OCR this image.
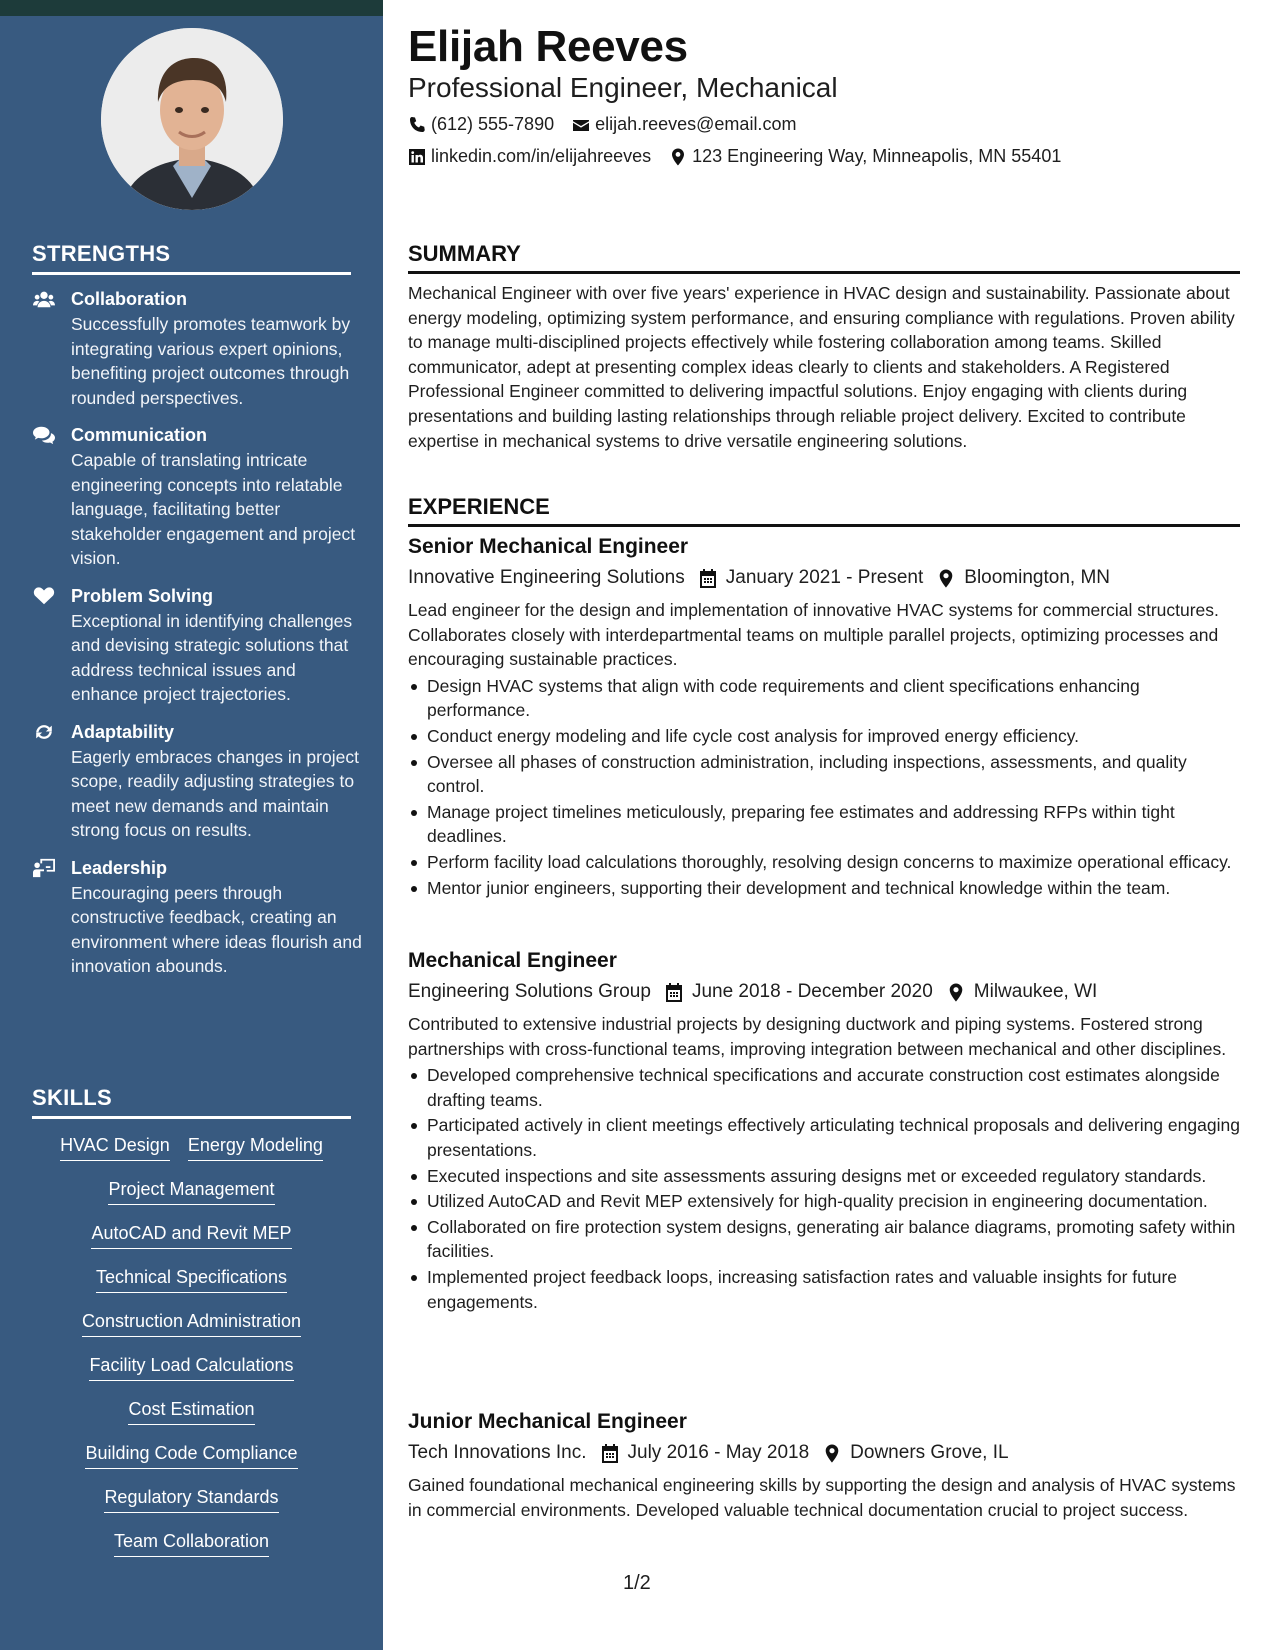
STRENGTHS
Collaboration
Successfully promotes teamwork by integrating various expert opinions, benefiting project outcomes through rounded perspectives.
Communication
Capable of translating intricate engineering concepts into relatable language, facilitating better stakeholder engagement and project vision.
Problem Solving
Exceptional in identifying challenges and devising strategic solutions that address technical issues and enhance project trajectories.
Adaptability
Eagerly embraces changes in project scope, readily adjusting strategies to meet new demands and maintain strong focus on results.
Leadership
Encouraging peers through constructive feedback, creating an environment where ideas flourish and innovation abounds.
SKILLS
HVAC Design Energy Modeling
Project Management
AutoCAD and Revit MEP
Technical Specifications
Construction Administration
Facility Load Calculations
Cost Estimation
Building Code Compliance
Regulatory Standards
Team Collaboration
Elijah Reeves
Professional Engineer, Mechanical
(612) 555-7890 elijah.reeves@email.com
linkedin.com/in/elijahreeves 123 Engineering Way, Minneapolis, MN 55401
SUMMARY
Mechanical Engineer with over five years' experience in HVAC design and sustainability. Passionate about energy modeling, optimizing system performance, and ensuring compliance with regulations. Proven ability to manage multi-disciplined projects effectively while fostering collaboration among teams. Skilled communicator, adept at presenting complex ideas clearly to clients and stakeholders. A Registered Professional Engineer committed to delivering impactful solutions. Enjoy engaging with clients during presentations and building lasting relationships through reliable project delivery. Excited to contribute expertise in mechanical systems to drive versatile engineering solutions.
EXPERIENCE
Senior Mechanical Engineer
Innovative Engineering Solutions January 2021 - Present Bloomington, MN
Lead engineer for the design and implementation of innovative HVAC systems for commercial structures. Collaborates closely with interdepartmental teams on multiple parallel projects, optimizing processes and encouraging sustainable practices.
Design HVAC systems that align with code requirements and client specifications enhancing performance.
Conduct energy modeling and life cycle cost analysis for improved energy efficiency.
Oversee all phases of construction administration, including inspections, assessments, and quality control.
Manage project timelines meticulously, preparing fee estimates and addressing RFPs within tight deadlines.
Perform facility load calculations thoroughly, resolving design concerns to maximize operational efficacy.
Mentor junior engineers, supporting their development and technical knowledge within the team.
Mechanical Engineer
Engineering Solutions Group June 2018 - December 2020 Milwaukee, WI
Contributed to extensive industrial projects by designing ductwork and piping systems. Fostered strong partnerships with cross-functional teams, improving integration between mechanical and other disciplines.
Developed comprehensive technical specifications and accurate construction cost estimates alongside drafting teams.
Participated actively in client meetings effectively articulating technical proposals and delivering engaging presentations.
Executed inspections and site assessments assuring designs met or exceeded regulatory standards.
Utilized AutoCAD and Revit MEP extensively for high-quality precision in engineering documentation.
Collaborated on fire protection system designs, generating air balance diagrams, promoting safety within facilities.
Implemented project feedback loops, increasing satisfaction rates and valuable insights for future engagements.
Junior Mechanical Engineer
Tech Innovations Inc. July 2016 - May 2018 Downers Grove, IL
Gained foundational mechanical engineering skills by supporting the design and analysis of HVAC systems in commercial environments. Developed valuable technical documentation crucial to project success.
1/2
